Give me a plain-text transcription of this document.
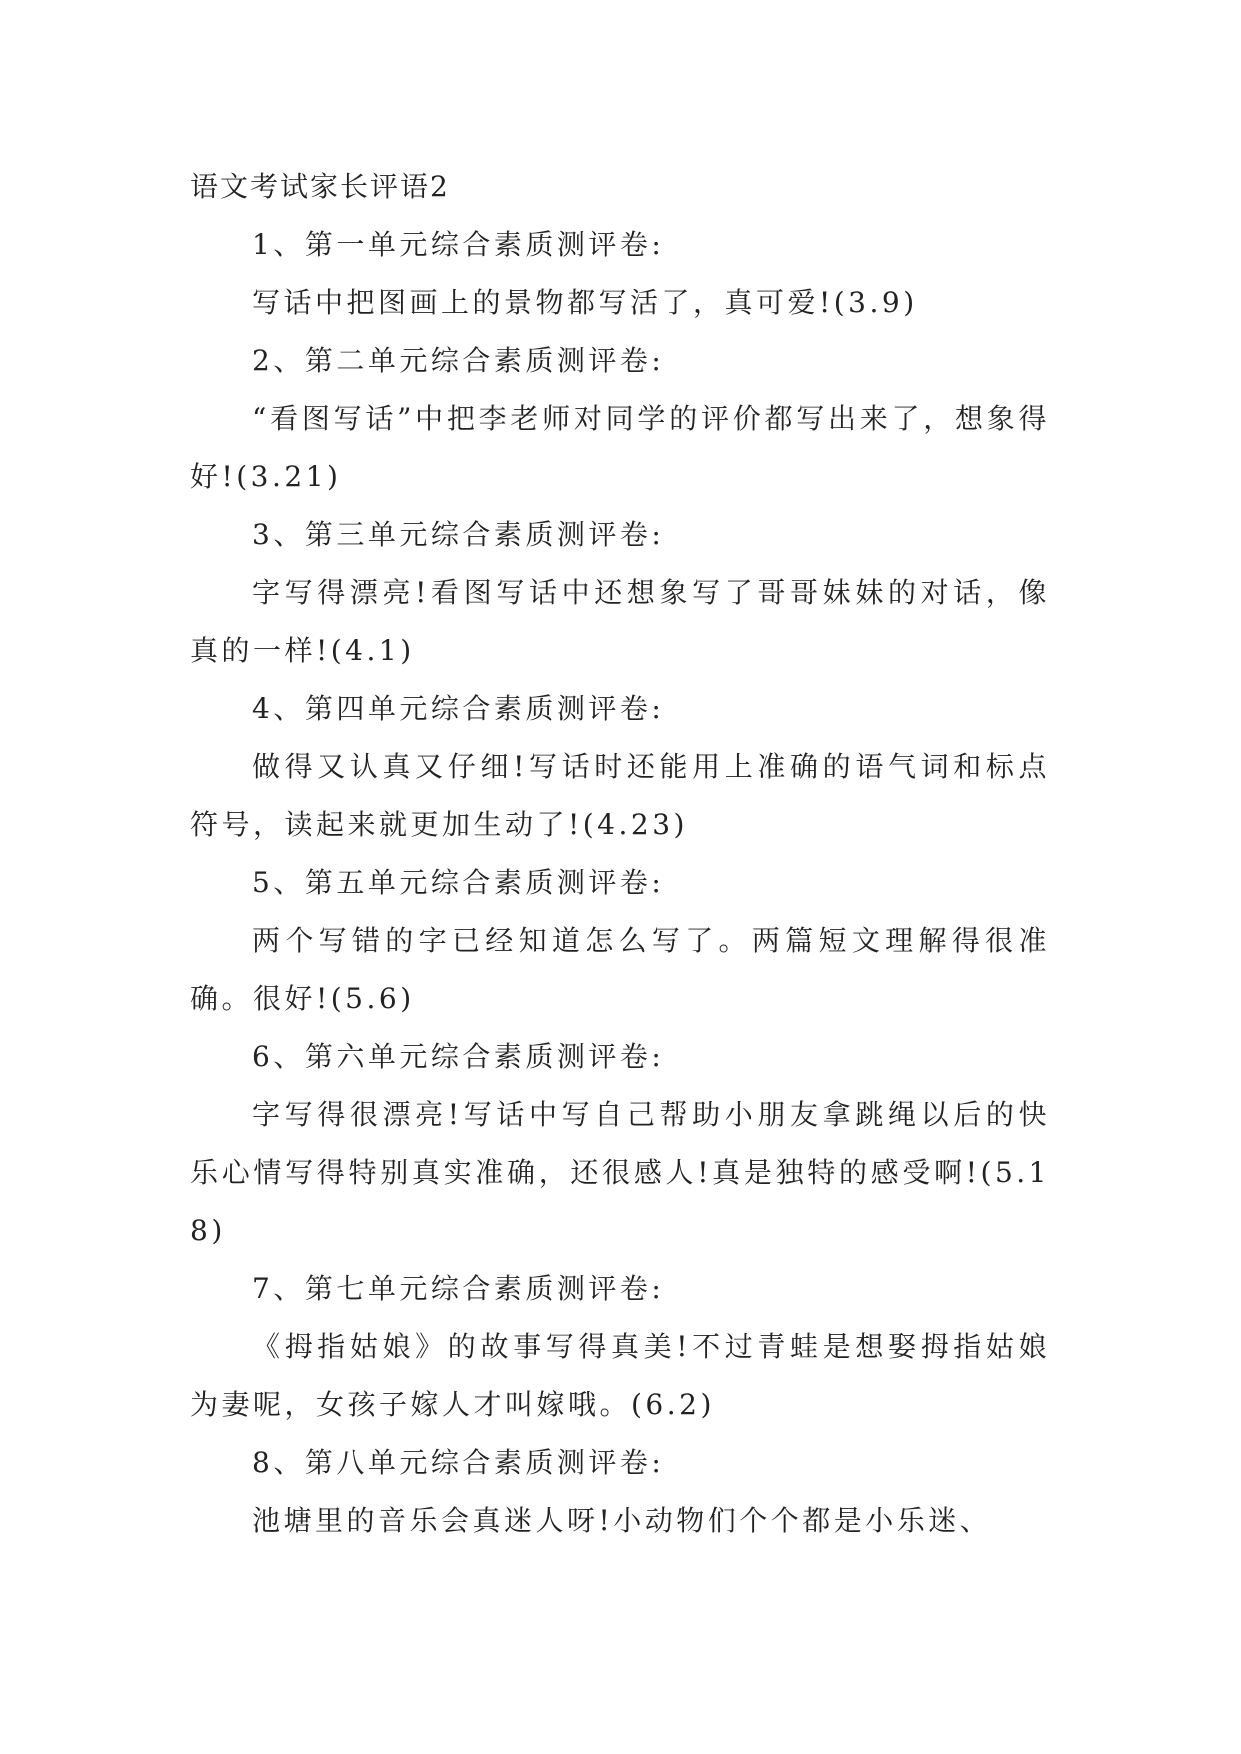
语文考试家长评语2

1、第一单元综合素质测评卷:

写话中把图画上的景物都写活了，真可爱!(3.9)

2、第二单元综合素质测评卷:

“看图写话”中把李老师对同学的评价都写出来了，想象得好!(3.21)

3、第三单元综合素质测评卷:

字写得漂亮!看图写话中还想象写了哥哥妹妹的对话，像真的一样!(4.1)

4、第四单元综合素质测评卷:

做得又认真又仔细!写话时还能用上准确的语气词和标点符号，读起来就更加生动了!(4.23)

5、第五单元综合素质测评卷:

两个写错的字已经知道怎么写了。两篇短文理解得很准确。很好!(5.6)

6、第六单元综合素质测评卷:

字写得很漂亮!写话中写自己帮助小朋友拿跳绳以后的快乐心情写得特别真实准确，还很感人!真是独特的感受啊!(5.18)

7、第七单元综合素质测评卷:

《拇指姑娘》的故事写得真美!不过青蛙是想娶拇指姑娘为妻呢，女孩子嫁人才叫嫁哦。(6.2)

8、第八单元综合素质测评卷:

池塘里的音乐会真迷人呀!小动物们个个都是小乐迷、
